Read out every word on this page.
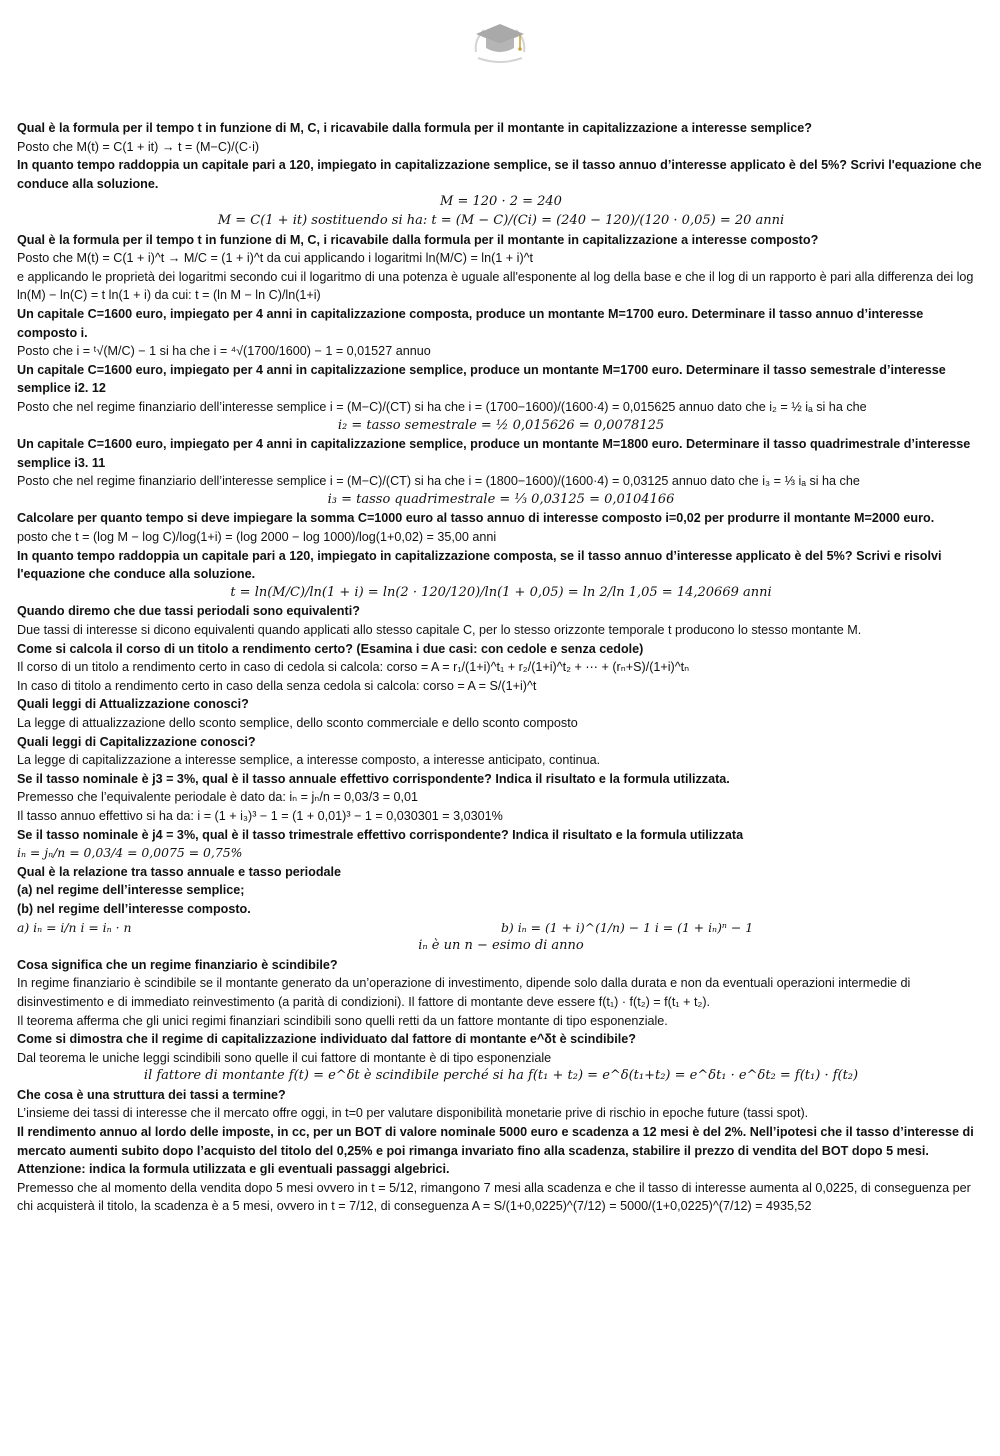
Qual è la formula per il tempo t in funzione di M, C, i ricavabile dalla formula per il montante in capitalizzazione a interesse semplice?
Posto che M(t) = C(1 + it) → t = (M−C)/(C·i)
In quanto tempo raddoppia un capitale pari a 120, impiegato in capitalizzazione semplice, se il tasso annuo d’interesse applicato è del 5%? Scrivi l'equazione che conduce alla soluzione.
M = 120 · 2 = 240
M = C(1 + it) sostituendo si ha: t = (M − C)/(Ci) = (240 − 120)/(120 · 0,05) = 20 anni
Qual è la formula per il tempo t in funzione di M, C, i ricavabile dalla formula per il montante in capitalizzazione a interesse composto?
Posto che M(t) = C(1 + i)^t → M/C = (1 + i)^t da cui applicando i logaritmi ln(M/C) = ln(1 + i)^t
e applicando le proprietà dei logaritmi secondo cui il logaritmo di una potenza è uguale all'esponente al log della base e che il log di un rapporto è pari alla differenza dei log ln(M) − ln(C) = t ln(1 + i) da cui: t = (ln M − ln C)/ln(1+i)
Un capitale C=1600 euro, impiegato per 4 anni in capitalizzazione composta, produce un montante M=1700 euro. Determinare il tasso annuo d’interesse composto i.
Posto che i = ᵗ√(M/C) − 1 si ha che i = ⁴√(1700/1600) − 1 = 0,01527 annuo
Un capitale C=1600 euro, impiegato per 4 anni in capitalizzazione semplice, produce un montante M=1700 euro. Determinare il tasso semestrale d’interesse semplice i2. 12
Posto che nel regime finanziario dell’interesse semplice i = (M−C)/(CT) si ha che i = (1700−1600)/(1600·4) = 0,015625 annuo dato che i₂ = ½ iₐ si ha che
i₂ = tasso semestrale = ½ 0,015626 = 0,0078125
Un capitale C=1600 euro, impiegato per 4 anni in capitalizzazione semplice, produce un montante M=1800 euro. Determinare il tasso quadrimestrale d’interesse semplice i3. 11
Posto che nel regime finanziario dell’interesse semplice i = (M−C)/(CT) si ha che i = (1800−1600)/(1600·4) = 0,03125 annuo dato che i₃ = ⅓ iₐ si ha che
i₃ = tasso quadrimestrale = ⅓ 0,03125 = 0,0104166
Calcolare per quanto tempo si deve impiegare la somma C=1000 euro al tasso annuo di interesse composto i=0,02 per produrre il montante M=2000 euro.
posto che t = (log M − log C)/log(1+i) = (log 2000 − log 1000)/log(1+0,02) = 35,00 anni
In quanto tempo raddoppia un capitale pari a 120, impiegato in capitalizzazione composta, se il tasso annuo d’interesse applicato è del 5%? Scrivi e risolvi l'equazione che conduce alla soluzione.
t = ln(M/C)/ln(1 + i) = ln(2 · 120/120)/ln(1 + 0,05) = ln 2/ln 1,05 = 14,20669 anni
Quando diremo che due tassi periodali sono equivalenti?
Due tassi di interesse si dicono equivalenti quando applicati allo stesso capitale C, per lo stesso orizzonte temporale t producono lo stesso montante M.
Come si calcola il corso di un titolo a rendimento certo? (Esamina i due casi: con cedole e senza cedole)
Il corso di un titolo a rendimento certo in caso di cedola si calcola: corso = A = r₁/(1+i)^t₁ + r₂/(1+i)^t₂ + ⋯ + (rₙ+S)/(1+i)^tₙ
In caso di titolo a rendimento certo in caso della senza cedola si calcola: corso = A = S/(1+i)^t
Quali leggi di Attualizzazione conosci?
La legge di attualizzazione dello sconto semplice, dello sconto commerciale e dello sconto composto
Quali leggi di Capitalizzazione conosci?
La legge di capitalizzazione a interesse semplice, a interesse composto, a interesse anticipato, continua.
Se il tasso nominale è j3 = 3%, qual è il tasso annuale effettivo corrispondente? Indica il risultato e la formula utilizzata.
Premesso che l’equivalente periodale è dato da: iₙ = jₙ/n = 0,03/3 = 0,01
Il tasso annuo effettivo si ha da: i = (1 + i₃)³ − 1 = (1 + 0,01)³ − 1 = 0,030301 = 3,0301%
Se il tasso nominale è j4 = 3%, qual è il tasso trimestrale effettivo corrispondente? Indica il risultato e la formula utilizzata
iₙ = jₙ/n = 0,03/4 = 0,0075 = 0,75%
Qual è la relazione tra tasso annuale e tasso periodale
(a) nel regime dell’interesse semplice;
(b) nel regime dell’interesse composto.
a) iₙ = i/n i = iₙ · n	b) iₙ = (1 + i)^(1/n) − 1 i = (1 + iₙ)ⁿ − 1
iₙ è un n − esimo di anno
Cosa significa che un regime finanziario è scindibile?
In regime finanziario è scindibile se il montante generato da un’operazione di investimento, dipende solo dalla durata e non da eventuali operazioni intermedie di disinvestimento e di immediato reinvestimento (a parità di condizioni). Il fattore di montante deve essere f(t₁) · f(t₂) = f(t₁ + t₂).
Il teorema afferma che gli unici regimi finanziari scindibili sono quelli retti da un fattore montante di tipo esponenziale.
Come si dimostra che il regime di capitalizzazione individuato dal fattore di montante e^δt è scindibile?
Dal teorema le uniche leggi scindibili sono quelle il cui fattore di montante è di tipo esponenziale
il fattore di montante f(t) = e^δt è scindibile perché si ha f(t₁ + t₂) = e^δ(t₁+t₂) = e^δt₁ · e^δt₂ = f(t₁) · f(t₂)
Che cosa è una struttura dei tassi a termine?
L’insieme dei tassi di interesse che il mercato offre oggi, in t=0 per valutare disponibilità monetarie prive di rischio in epoche future (tassi spot).
Il rendimento annuo al lordo delle imposte, in cc, per un BOT di valore nominale 5000 euro e scadenza a 12 mesi è del 2%. Nell’ipotesi che il tasso d’interesse di mercato aumenti subito dopo l’acquisto del titolo del 0,25% e poi rimanga invariato fino alla scadenza, stabilire il prezzo di vendita del BOT dopo 5 mesi. Attenzione: indica la formula utilizzata e gli eventuali passaggi algebrici.
Premesso che al momento della vendita dopo 5 mesi ovvero in t = 5/12, rimangono 7 mesi alla scadenza e che il tasso di interesse aumenta al 0,0225, di conseguenza per chi acquisterà il titolo, la scadenza è a 5 mesi, ovvero in t = 7/12, di conseguenza A = S/(1+0,0225)^(7/12) = 5000/(1+0,0225)^(7/12) = 4935,52
